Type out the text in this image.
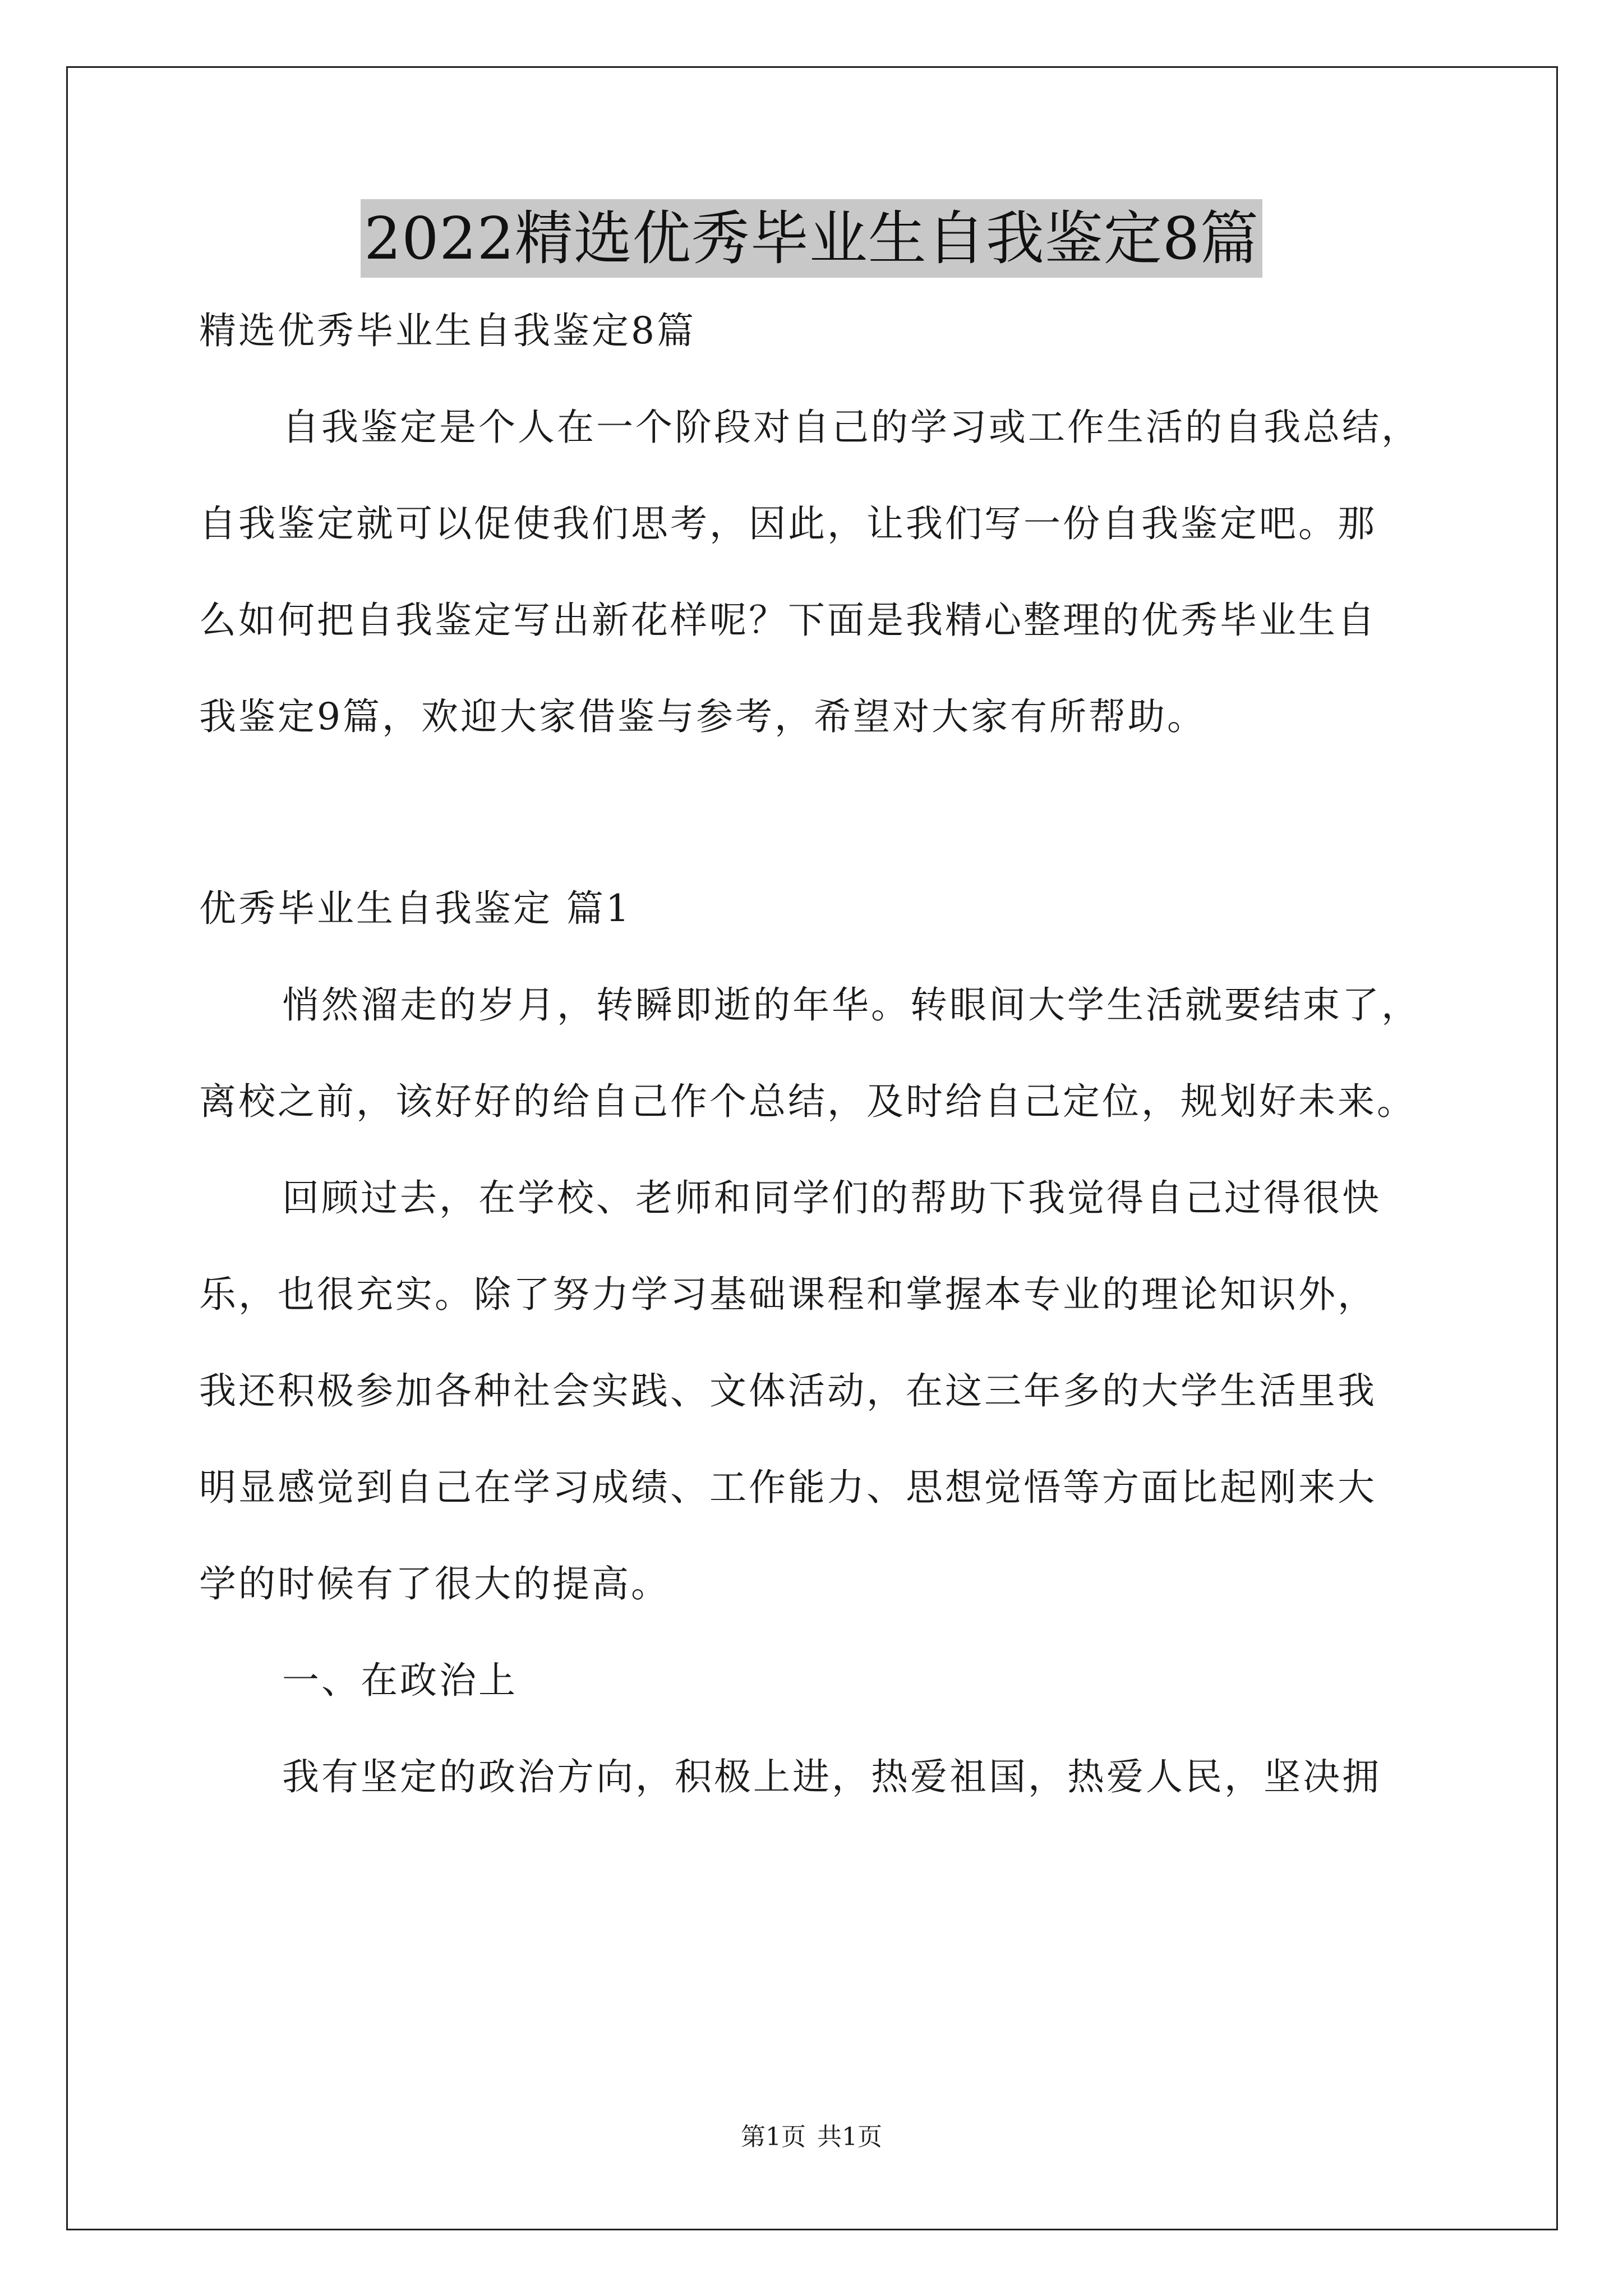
2022精选优秀毕业生自我鉴定8篇
精选优秀毕业生自我鉴定8篇
自我鉴定是个人在一个阶段对自己的学习或工作生活的自我总结，
自我鉴定就可以促使我们思考，因此，让我们写一份自我鉴定吧。那
么如何把自我鉴定写出新花样呢？下面是我精心整理的优秀毕业生自
我鉴定9篇，欢迎大家借鉴与参考，希望对大家有所帮助。
优秀毕业生自我鉴定 篇1
悄然溜走的岁月，转瞬即逝的年华。转眼间大学生活就要结束了，
离校之前，该好好的给自己作个总结，及时给自己定位，规划好未来。
回顾过去，在学校、老师和同学们的帮助下我觉得自己过得很快
乐，也很充实。除了努力学习基础课程和掌握本专业的理论知识外，
我还积极参加各种社会实践、文体活动，在这三年多的大学生活里我
明显感觉到自己在学习成绩、工作能力、思想觉悟等方面比起刚来大
学的时候有了很大的提高。
一、在政治上
我有坚定的政治方向，积极上进，热爱祖国，热爱人民，坚决拥
第1页 共1页
